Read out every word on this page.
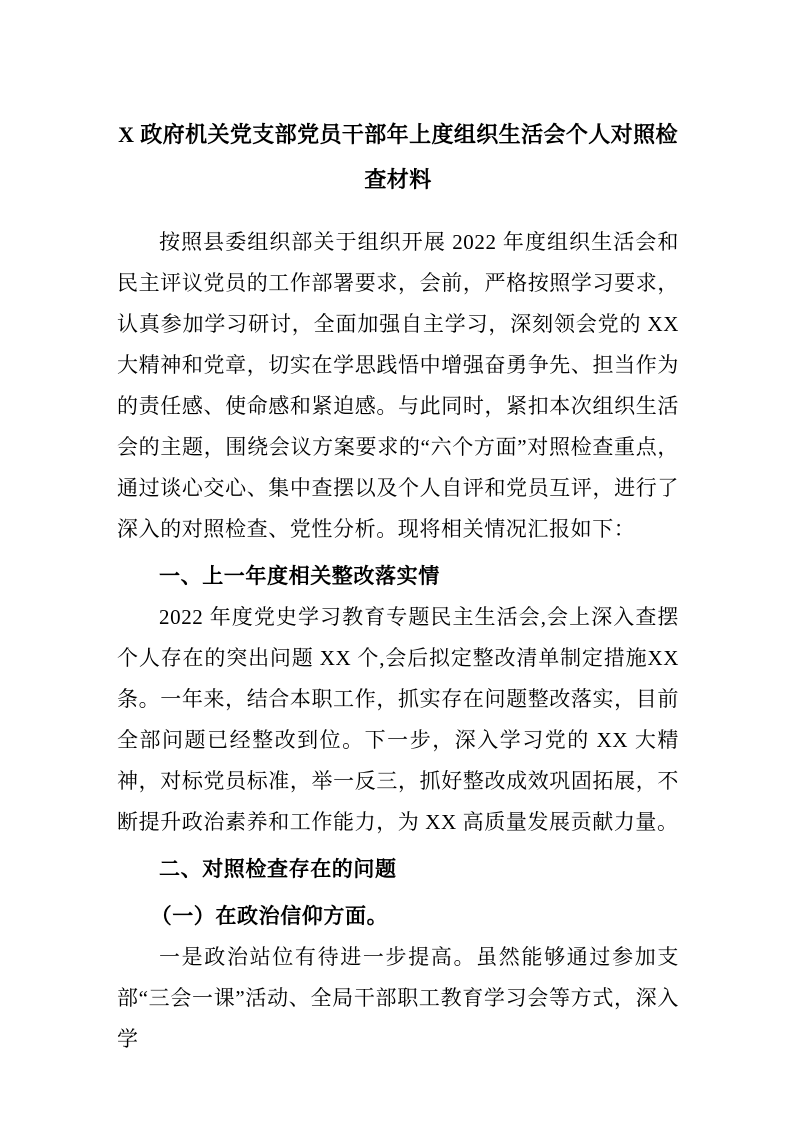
X 政府机关党支部党员干部年上度组织生活会个人对照检查材料

按照县委组织部关于组织开展 2022 年度组织生活会和民主评议党员的工作部署要求，会前，严格按照学习要求，认真参加学习研讨，全面加强自主学习，深刻领会党的 XX 大精神和党章，切实在学思践悟中增强奋勇争先、担当作为的责任感、使命感和紧迫感。与此同时，紧扣本次组织生活会的主题，围绕会议方案要求的“六个方面”对照检查重点，通过谈心交心、集中查摆以及个人自评和党员互评，进行了深入的对照检查、党性分析。现将相关情况汇报如下：

一、上一年度相关整改落实情

2022 年度党史学习教育专题民主生活会,会上深入查摆个人存在的突出问题 XX 个,会后拟定整改清单制定措施XX条。一年来，结合本职工作，抓实存在问题整改落实，目前全部问题已经整改到位。下一步，深入学习党的 XX 大精神，对标党员标准，举一反三，抓好整改成效巩固拓展，不断提升政治素养和工作能力，为 XX 高质量发展贡献力量。

二、对照检查存在的问题
（一）在政治信仰方面。

一是政治站位有待进一步提高。虽然能够通过参加支部“三会一课”活动、全局干部职工教育学习会等方式，深入学
